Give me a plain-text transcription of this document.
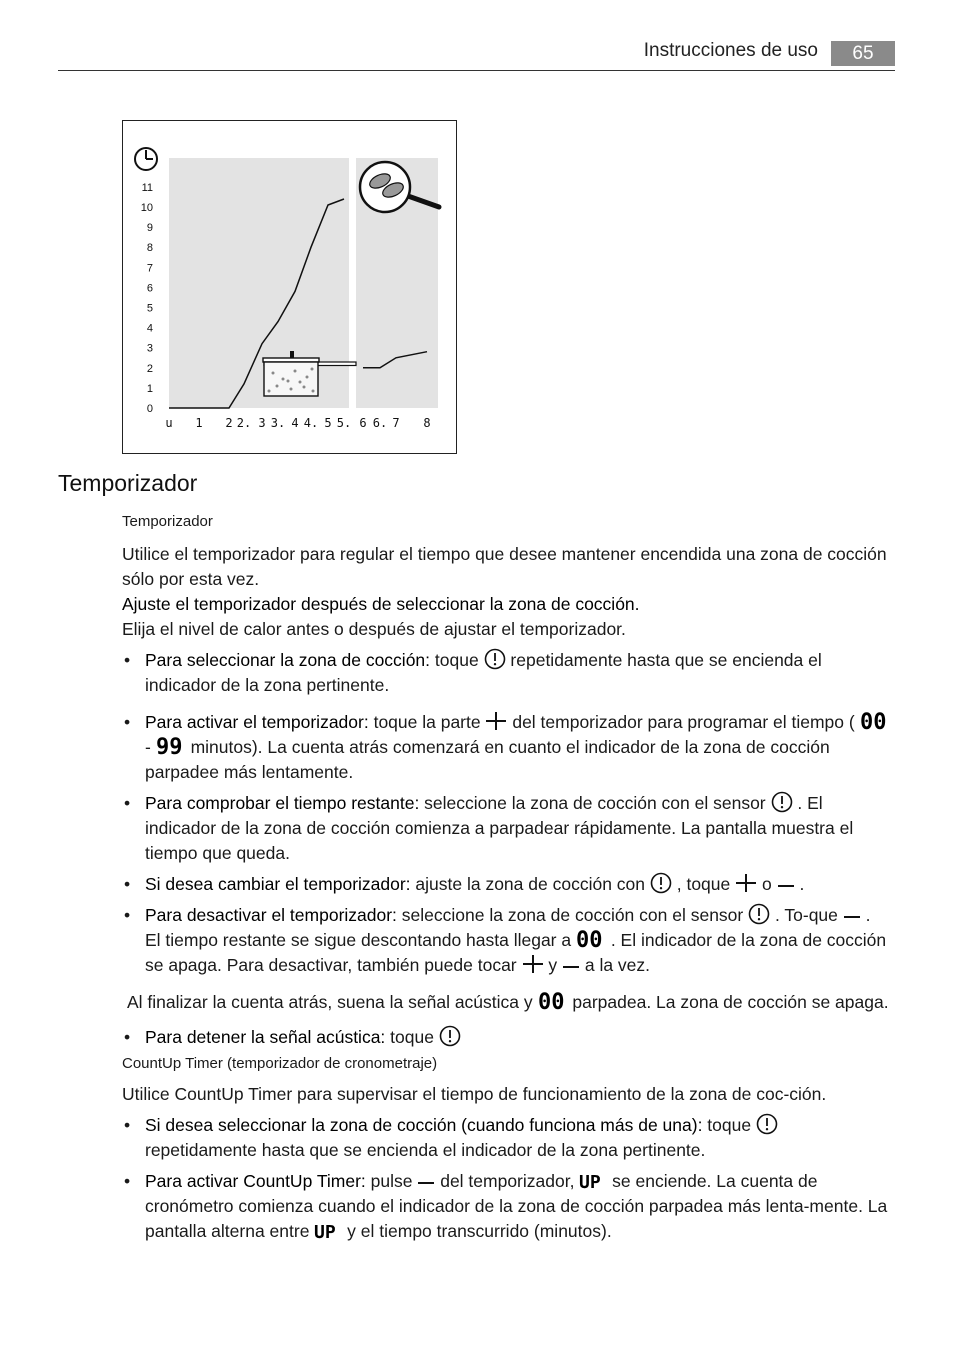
Instrucciones de uso	65
0
1
2
3
4
5
6
7
8
9
10
11
u 1 2 2. 3 3. 4 4. 5 5. 6 6. 7 8
Temporizador

Temporizador

Utilice el temporizador para regular el tiempo que desee mantener encendida una zona de cocción sólo por esta vez.

Ajuste el temporizador después de seleccionar la zona de cocción.

Elija el nivel de calor antes o después de ajustar el temporizador.

• Para seleccionar la zona de cocción: toque  repetidamente hasta que se encienda el indicador de la zona pertinente.
• Para activar el temporizador: toque la parte  del temporizador para programar el tiempo ( 00
- 99 minutos). La cuenta atrás comenzará en cuanto el indicador de la zona de cocción parpadee más lentamente.
• Para comprobar el tiempo restante: seleccione la zona de cocción con el sensor  . El indicador de la zona de cocción comienza a parpadear rápidamente. La pantalla muestra el tiempo que queda.
• Si desea cambiar el temporizador: ajuste la zona de cocción con  , toque  o  .
• Para desactivar el temporizador: seleccione la zona de cocción con el sensor  . To-que  . El tiempo restante se sigue descontando hasta llegar a 00 . El indicador de la zona de cocción se apaga. Para desactivar, también puede tocar  y  a la vez.

Al finalizar la cuenta atrás, suena la señal acústica y 00 parpadea. La zona de cocción se apaga.

• Para detener la señal acústica: toque

CountUp Timer (temporizador de cronometraje)

Utilice CountUp Timer para supervisar el tiempo de funcionamiento de la zona de coc-ción.

• Si desea seleccionar la zona de cocción (cuando funciona más de una): toque  repetidamente hasta que se encienda el indicador de la zona pertinente.
• Para activar CountUp Timer: pulse  del temporizador, UP se enciende. La cuenta de cronómetro comienza cuando el indicador de la zona de cocción parpadea más lenta-mente. La pantalla alterna entre UP y el tiempo transcurrido (minutos).
